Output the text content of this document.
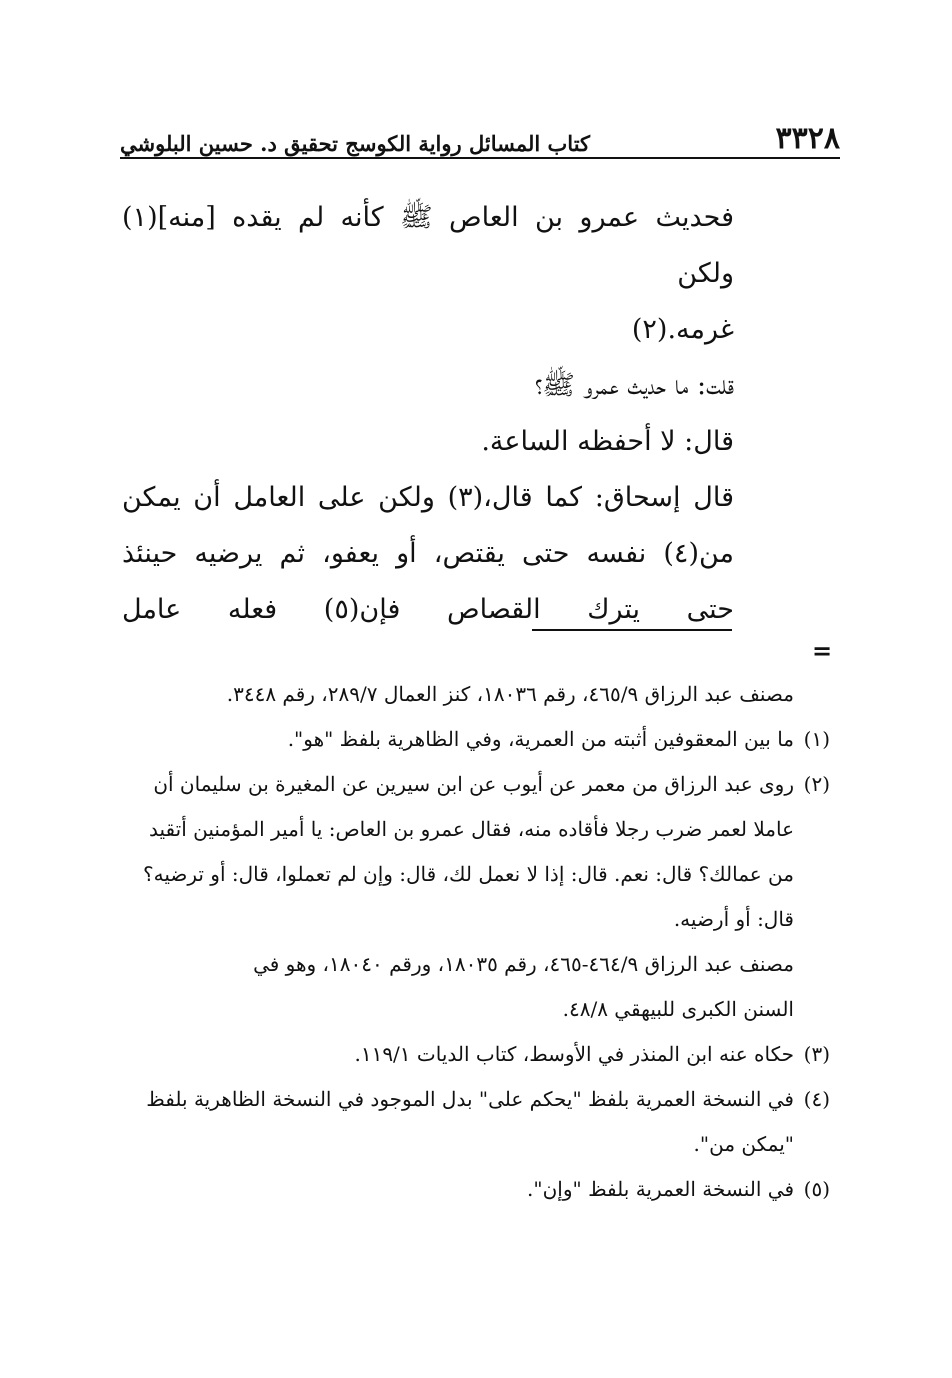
٣٣٢٨
كتاب المسائل رواية الكوسج تحقيق د. حسين البلوشي

فحديث عمرو بن العاص ﷺ كأنه لم يقده [منه](١) ولكن

غرمه.(٢)

قلت: ما حديث عمرو ﷺ؟

قال: لا أحفظه الساعة.

قال إسحاق: كما قال،(٣) ولكن على العامل أن يمكن

من(٤) نفسه حتى يقتص، أو يعفو، ثم يرضيه حينئذ

حتى يترك القصاص فإن(٥) فعله عامل

=

مصنف عبد الرزاق ٤٦٥/٩، رقم ١٨٠٣٦، كنز العمال ٢٨٩/٧، رقم ٣٤٤٨.

(١)
ما بين المعقوفين أثبته من العمرية، وفي الظاهرية بلفظ "هو".
(٢)

روى عبد الرزاق من معمر عن أيوب عن ابن سيرين عن المغيرة بن سليمان أن

عاملا لعمر ضرب رجلا فأقاده منه، فقال عمرو بن العاص: يا أمير المؤمنين أتقيد

من عمالك؟ قال: نعم. قال: إذا لا نعمل لك، قال: وإن لم تعملوا، قال: أو ترضيه؟

قال: أو أرضيه.

مصنف عبد الرزاق ٤٦٤/٩-٤٦٥، رقم ١٨٠٣٥، ورقم ١٨٠٤٠، وهو في

السنن الكبرى للبيهقي ٤٨/٨.

(٣)
حكاه عنه ابن المنذر في الأوسط، كتاب الديات ١١٩/١.
(٤)

في النسخة العمرية بلفظ "يحكم على" بدل الموجود في النسخة الظاهرية بلفظ

"يمكن من".

(٥)
في النسخة العمرية بلفظ "وإن".
